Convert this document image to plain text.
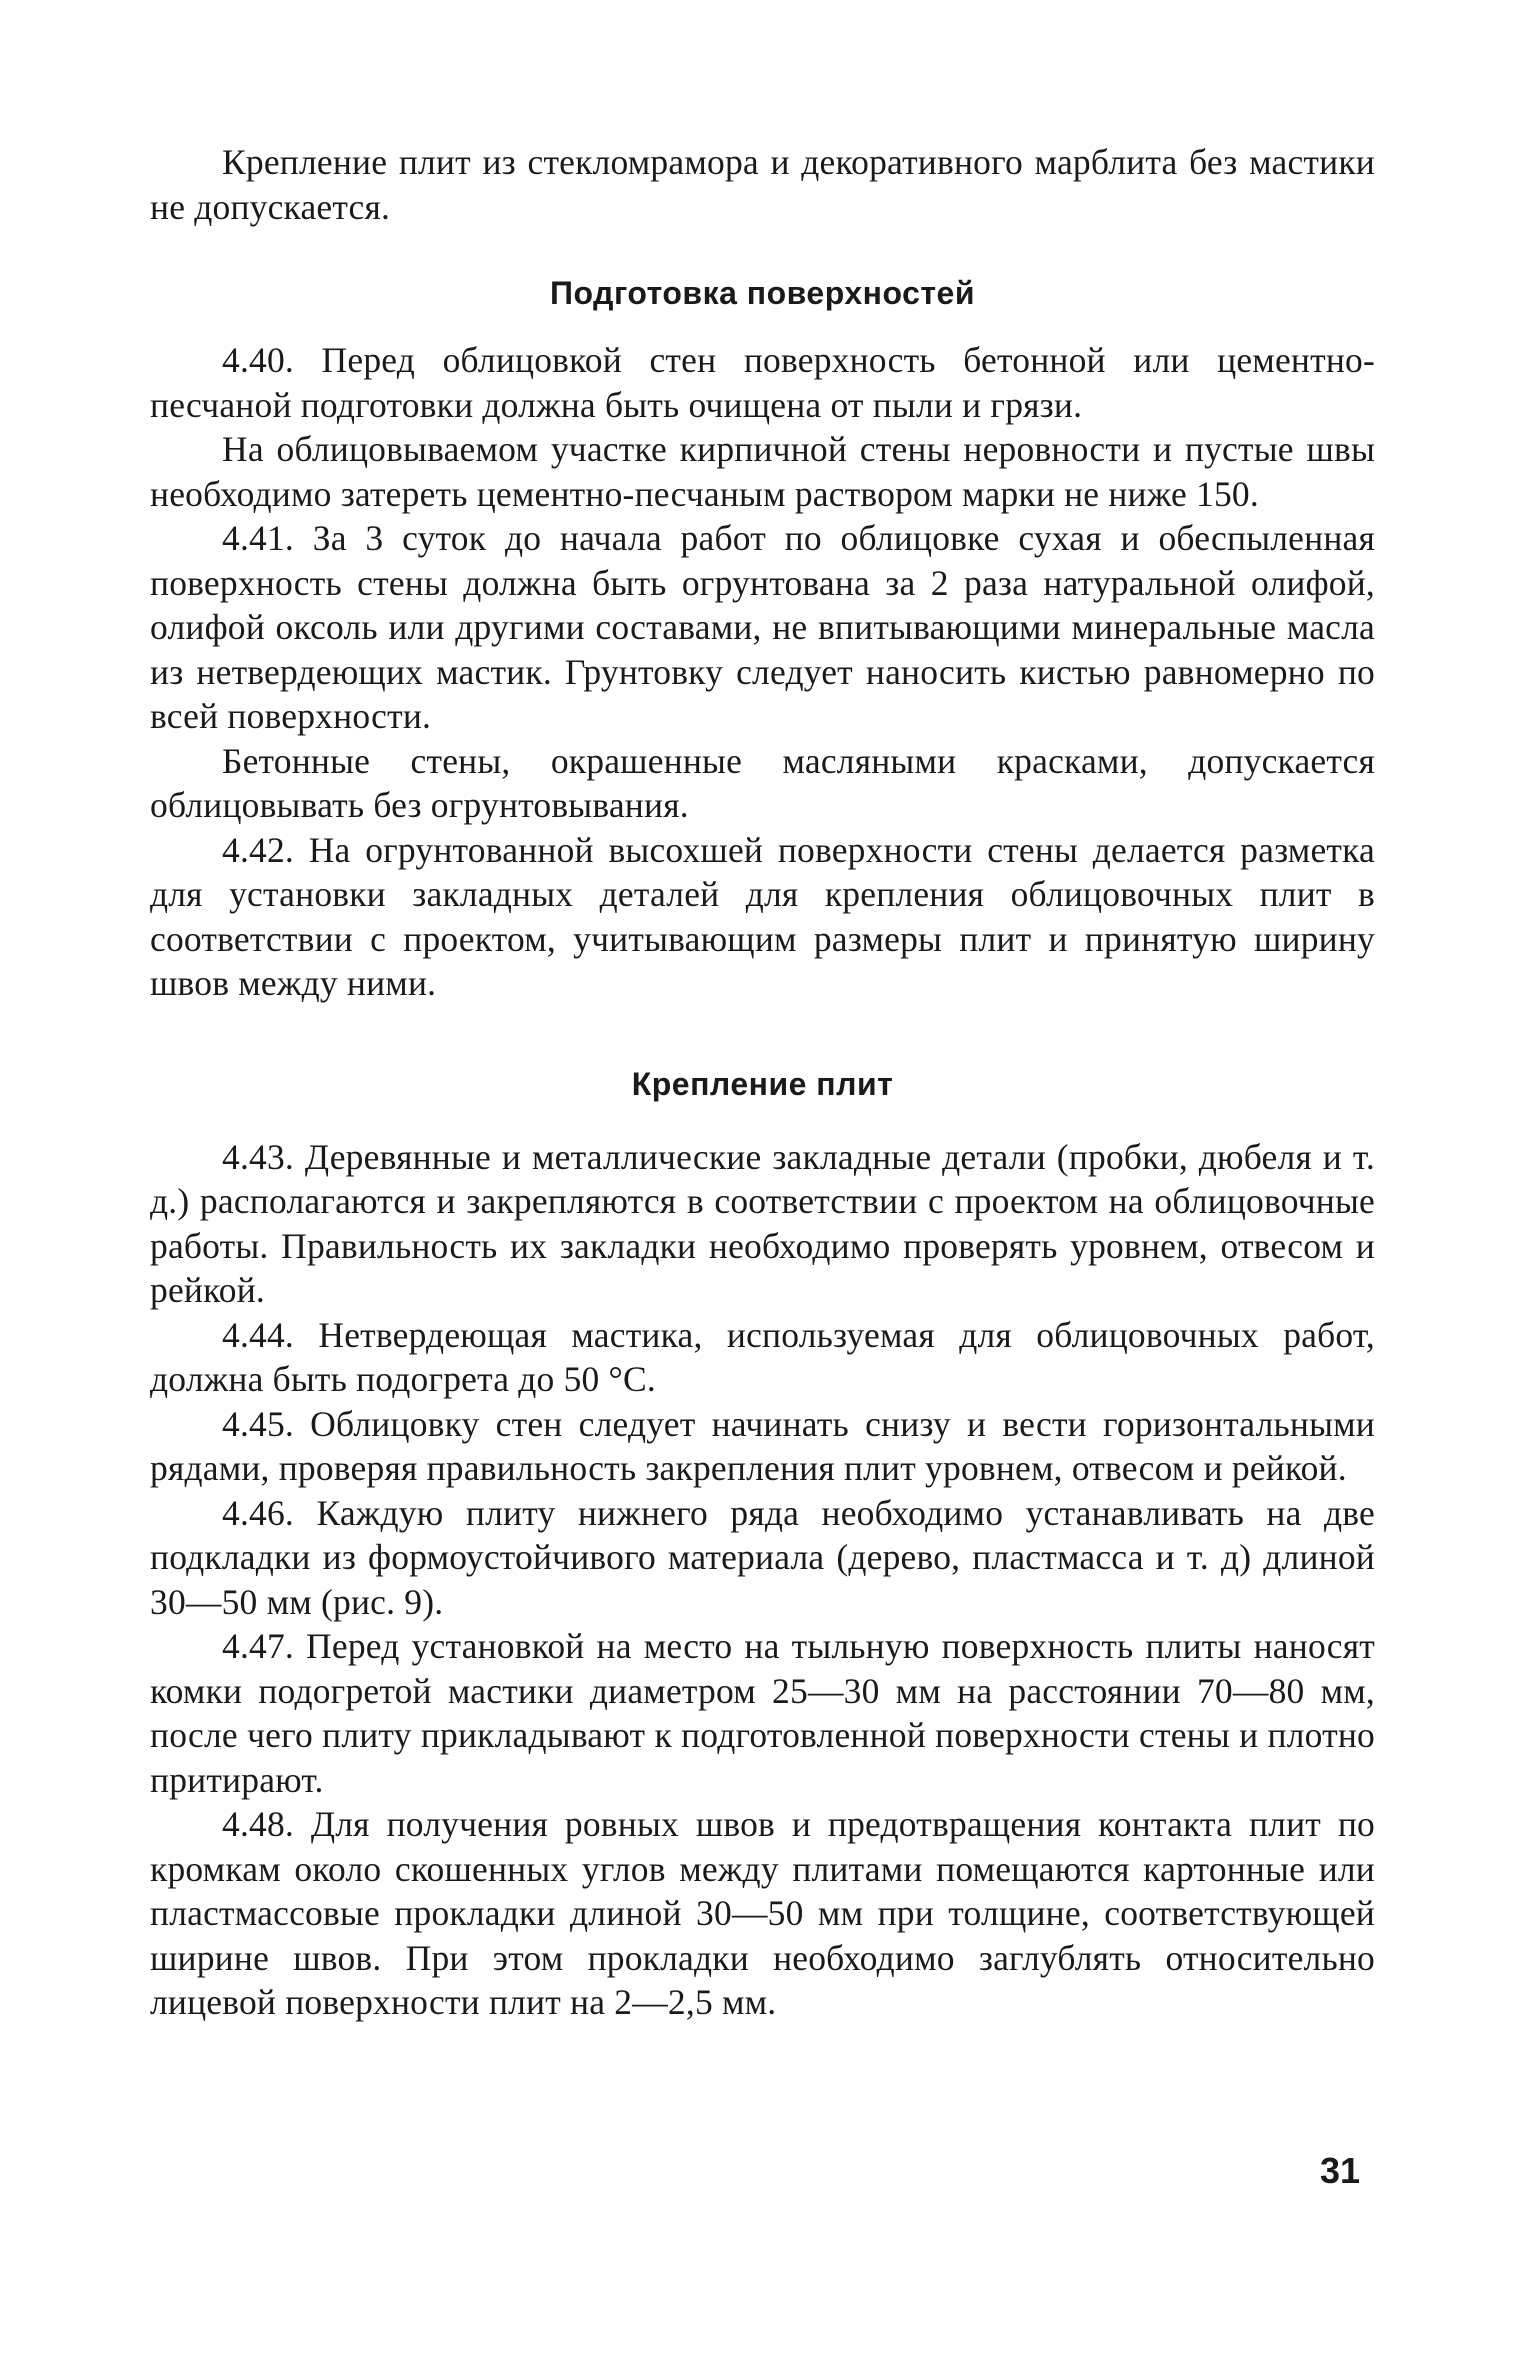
Крепление плит из стекломрамора и декоративного марблита без мастики не допускается.

Подготовка поверхностей

4.40. Перед облицовкой стен поверхность бетонной или цементно-песчаной подготовки должна быть очищена от пыли и грязи.

На облицовываемом участке кирпичной стены неровности и пустые швы необходимо затереть цементно-песчаным раствором марки не ниже 150.

4.41. За 3 суток до начала работ по облицовке сухая и обеспыленная поверхность стены должна быть огрунтована за 2 раза натуральной олифой, олифой оксоль или другими составами, не впитывающими минеральные масла из нетвердеющих мастик. Грунтовку следует наносить кистью равномерно по всей поверхности.

Бетонные стены, окрашенные масляными красками, допускается облицовывать без огрунтовывания.

4.42. На огрунтованной высохшей поверхности стены делается разметка для установки закладных деталей для крепления облицовочных плит в соответствии с проектом, учитывающим размеры плит и принятую ширину швов между ними.

Крепление плит

4.43. Деревянные и металлические закладные детали (пробки, дюбеля и т. д.) располагаются и закрепляются в соответствии с проектом на облицовочные работы. Правильность их закладки необходимо проверять уровнем, отвесом и рейкой.

4.44. Нетвердеющая мастика, используемая для облицовочных работ, должна быть подогрета до 50 °С.

4.45. Облицовку стен следует начинать снизу и вести горизонтальными рядами, проверяя правильность закрепления плит уровнем, отвесом и рейкой.

4.46. Каждую плиту нижнего ряда необходимо устанавливать на две подкладки из формоустойчивого материала (дерево, пластмасса и т. д) длиной 30—50 мм (рис. 9).

4.47. Перед установкой на место на тыльную поверхность плиты наносят комки подогретой мастики диаметром 25—30 мм на расстоянии 70—80 мм, после чего плиту прикладывают к подготовленной поверхности стены и плотно притирают.

4.48. Для получения ровных швов и предотвращения контакта плит по кромкам около скошенных углов между плитами помещаются картонные или пластмассовые прокладки длиной 30—50 мм при толщине, соответствующей ширине швов. При этом прокладки необходимо заглублять относительно лицевой поверхности плит на 2—2,5 мм.

31
